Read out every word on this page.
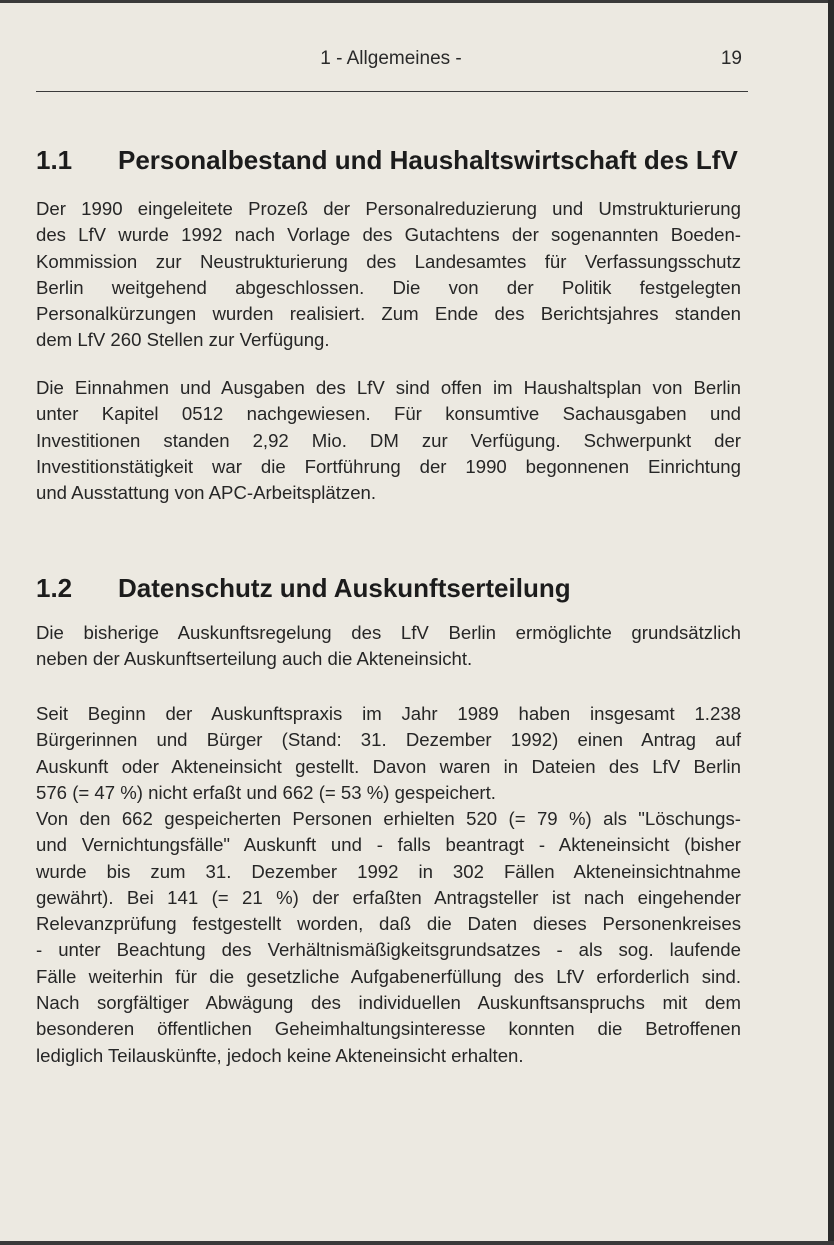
1 - Allgemeines -	19
1.1 Personalbestand und Haushaltswirtschaft des LfV

Der 1990 eingeleitete Prozeß der Personalreduzierung und Umstrukturierung
des LfV wurde 1992 nach Vorlage des Gutachtens der sogenannten Boeden-
Kommission zur Neustrukturierung des Landesamtes für Verfassungsschutz
Berlin weitgehend abgeschlossen. Die von der Politik festgelegten
Personalkürzungen wurden realisiert. Zum Ende des Berichtsjahres standen
dem LfV 260 Stellen zur Verfügung.

Die Einnahmen und Ausgaben des LfV sind offen im Haushaltsplan von Berlin
unter Kapitel 0512 nachgewiesen. Für konsumtive Sachausgaben und
Investitionen standen 2,92 Mio. DM zur Verfügung. Schwerpunkt der
Investitionstätigkeit war die Fortführung der 1990 begonnenen Einrichtung
und Ausstattung von APC-Arbeitsplätzen.

1.2 Datenschutz und Auskunftserteilung

Die bisherige Auskunftsregelung des LfV Berlin ermöglichte grundsätzlich
neben der Auskunftserteilung auch die Akteneinsicht.

Seit Beginn der Auskunftspraxis im Jahr 1989 haben insgesamt 1.238
Bürgerinnen und Bürger (Stand: 31. Dezember 1992) einen Antrag auf
Auskunft oder Akteneinsicht gestellt. Davon waren in Dateien des LfV Berlin
576 (= 47 %) nicht erfaßt und 662 (= 53 %) gespeichert.

Von den 662 gespeicherten Personen erhielten 520 (= 79 %) als "Löschungs-
und Vernichtungsfälle" Auskunft und - falls beantragt - Akteneinsicht (bisher
wurde bis zum 31. Dezember 1992 in 302 Fällen Akteneinsichtnahme
gewährt). Bei 141 (= 21 %) der erfaßten Antragsteller ist nach eingehender
Relevanzprüfung festgestellt worden, daß die Daten dieses Personenkreises
- unter Beachtung des Verhältnismäßigkeitsgrundsatzes - als sog. laufende
Fälle weiterhin für die gesetzliche Aufgabenerfüllung des LfV erforderlich sind.
Nach sorgfältiger Abwägung des individuellen Auskunftsanspruchs mit dem
besonderen öffentlichen Geheimhaltungsinteresse konnten die Betroffenen
lediglich Teilauskünfte, jedoch keine Akteneinsicht erhalten.
